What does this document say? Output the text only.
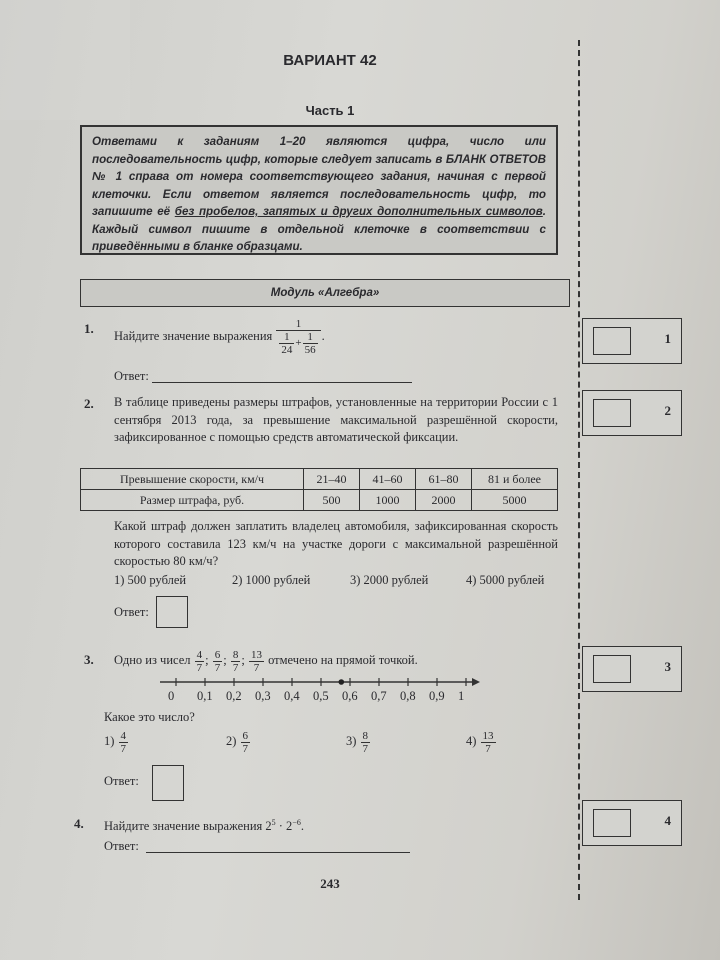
ВАРИАНТ 42
Часть 1
Ответами к заданиям 1–20 являются цифра, число или последовательность цифр, которые следует записать в БЛАНК ОТВЕТОВ № 1 справа от номера соответствующего задания, начиная с первой клеточки. Если ответом является последовательность цифр, то запишите её без пробелов, запятых и других дополнительных символов. Каждый символ пишите в отдельной клеточке в соответствии с приведёнными в бланке образцами.
Модуль «Алгебра»
1. Найдите значение выражения $\frac{1}{\frac{1}{24} + \frac{1}{56}}$ .
Ответ:
2. В таблице приведены размеры штрафов, установленные на территории России с 1 сентября 2013 года, за превышение максимальной разрешённой скорости, зафиксированное с помощью средств автоматической фиксации.
Превышение скорости, км/ч	21–40	41–60	61–80	81 и более
Размер штрафа, руб.	500	1000	2000	5000
Какой штраф должен заплатить владелец автомобиля, зафиксированная скорость которого составила 123 км/ч на участке дороги с максимальной разрешённой скоростью 80 км/ч?
1) 500 рублей	2) 1000 рублей	3) 2000 рублей	4) 5000 рублей
Ответ:
3. Одно из чисел $\frac{4}{7}$ ; $\frac{6}{7}$ ; $\frac{8}{7}$ ; $\frac{13}{7}$ отмечено на прямой точкой.
0 0,1 0,2 0,3 0,4 0,5 0,6 0,7 0,8 0,9 1
Какое это число?
$1) \frac{4}{7}$	$2) \frac{6}{7}$	$3) \frac{8}{7}$	$4) \frac{13}{7}$
Ответ:
4. Найдите значение выражения $2^5 \cdot 2^{-6}$.
Ответ:
1
2
3
4
243
